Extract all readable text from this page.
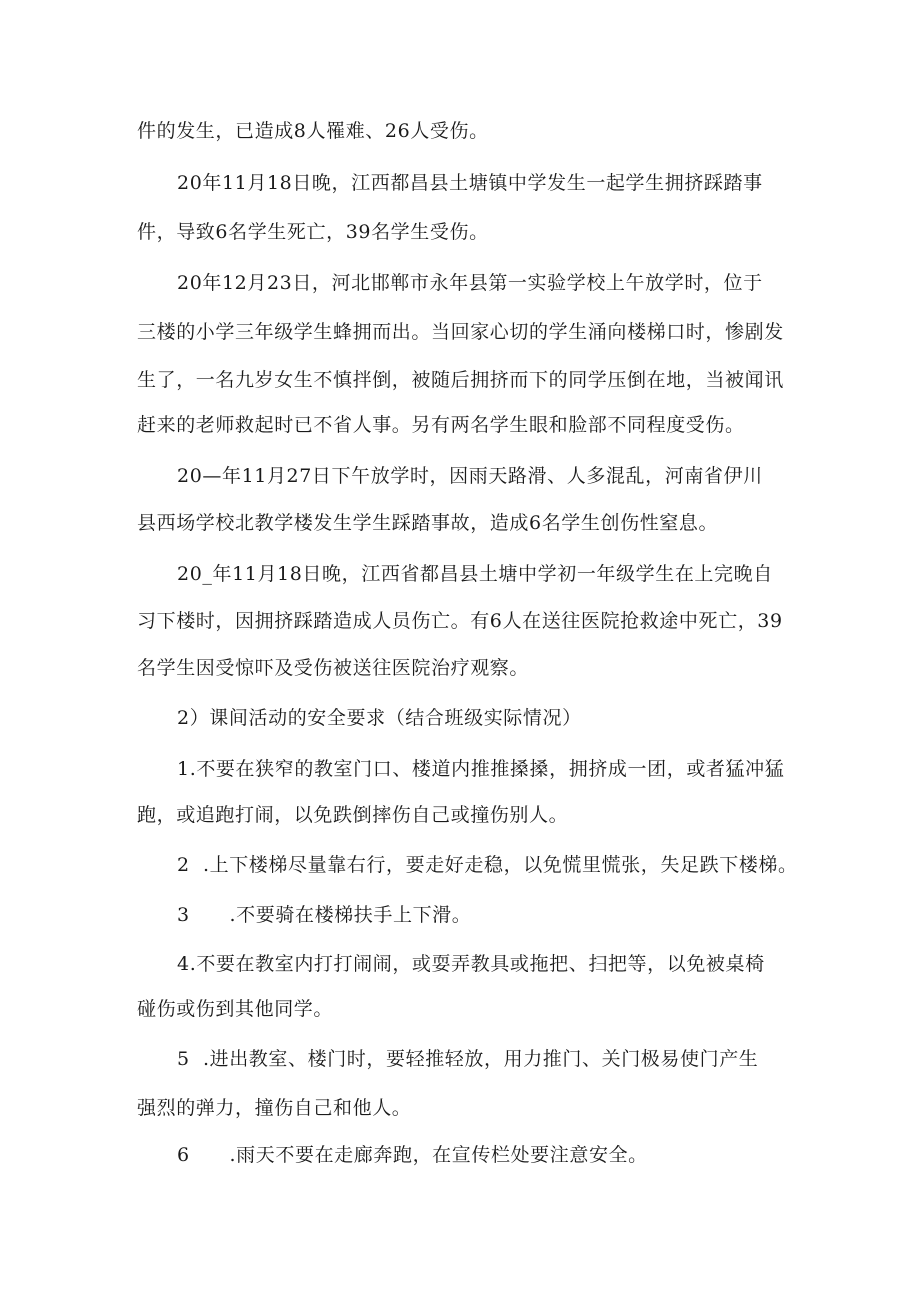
件的发生，已造成8人罹难、26人受伤。
20年11月18日晚，江西都昌县土塘镇中学发生一起学生拥挤踩踏事
件，导致6名学生死亡，39名学生受伤。
20年12月23日，河北邯郸市永年县第一实验学校上午放学时，位于
三楼的小学三年级学生蜂拥而出。当回家心切的学生涌向楼梯口时，惨剧发
生了，一名九岁女生不慎拌倒，被随后拥挤而下的同学压倒在地，当被闻讯
赶来的老师救起时已不省人事。另有两名学生眼和脸部不同程度受伤。
20—年11月27日下午放学时，因雨天路滑、人多混乱，河南省伊川
县西场学校北教学楼发生学生踩踏事故，造成6名学生创伤性窒息。
20_年11月18日晚，江西省都昌县土塘中学初一年级学生在上完晚自
习下楼时，因拥挤踩踏造成人员伤亡。有6人在送往医院抢救途中死亡，39
名学生因受惊吓及受伤被送往医院治疗观察。
2）课间活动的安全要求（结合班级实际情况）
1.不要在狭窄的教室门口、楼道内推推搡搡，拥挤成一团，或者猛冲猛
跑，或追跑打闹，以免跌倒摔伤自己或撞伤别人。
2  .上下楼梯尽量靠右行，要走好走稳，以免慌里慌张，失足跌下楼梯。
3      .不要骑在楼梯扶手上下滑。
4.不要在教室内打打闹闹，或耍弄教具或拖把、扫把等，以免被桌椅
碰伤或伤到其他同学。
5  .进出教室、楼门时，要轻推轻放，用力推门、关门极易使门产生
强烈的弹力，撞伤自己和他人。
6      .雨天不要在走廊奔跑，在宣传栏处要注意安全。
